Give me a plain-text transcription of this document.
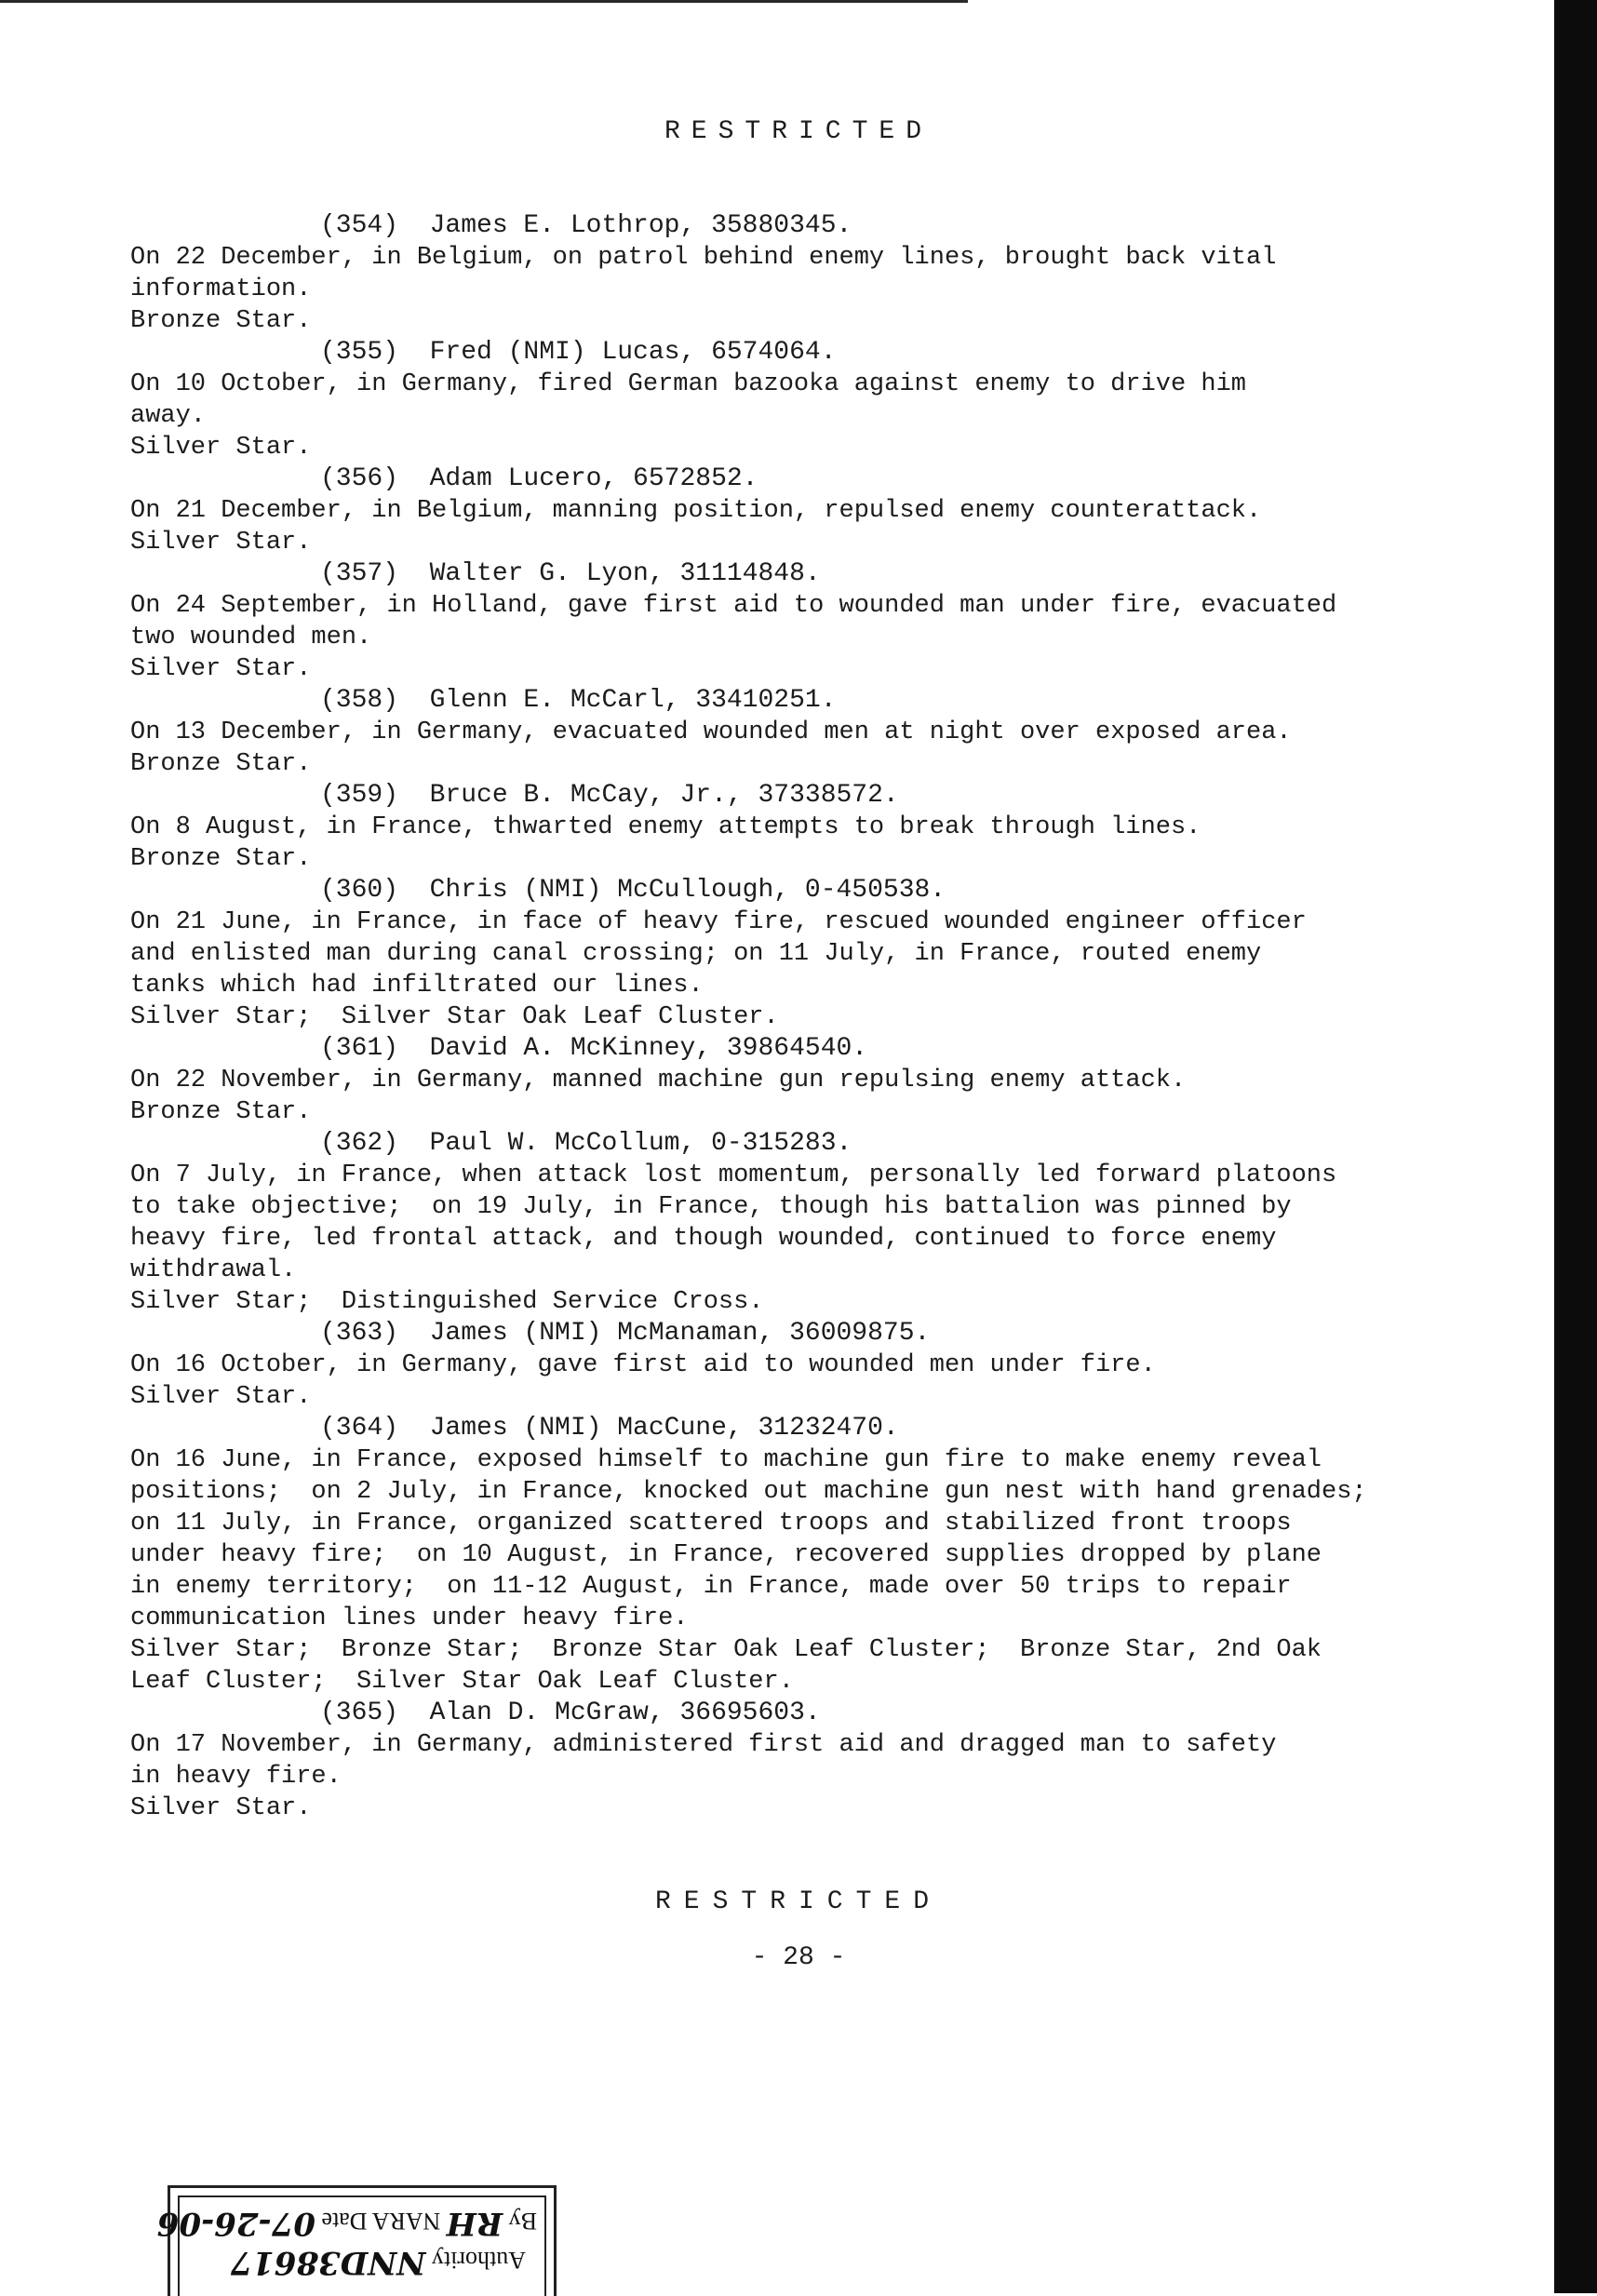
RESTRICTED
(354)  James E. Lothrop, 35880345.
On 22 December, in Belgium, on patrol behind enemy lines, brought back vital
information.
Bronze Star.
(355)  Fred (NMI) Lucas, 6574064.
On 10 October, in Germany, fired German bazooka against enemy to drive him
away.
Silver Star.
(356)  Adam Lucero, 6572852.
On 21 December, in Belgium, manning position, repulsed enemy counterattack.
Silver Star.
(357)  Walter G. Lyon, 31114848.
On 24 September, in Holland, gave first aid to wounded man under fire, evacuated
two wounded men.
Silver Star.
(358)  Glenn E. McCarl, 33410251.
On 13 December, in Germany, evacuated wounded men at night over exposed area.
Bronze Star.
(359)  Bruce B. McCay, Jr., 37338572.
On 8 August, in France, thwarted enemy attempts to break through lines.
Bronze Star.
(360)  Chris (NMI) McCullough, 0-450538.
On 21 June, in France, in face of heavy fire, rescued wounded engineer officer
and enlisted man during canal crossing; on 11 July, in France, routed enemy
tanks which had infiltrated our lines.
Silver Star;  Silver Star Oak Leaf Cluster.
(361)  David A. McKinney, 39864540.
On 22 November, in Germany, manned machine gun repulsing enemy attack.
Bronze Star.
(362)  Paul W. McCollum, 0-315283.
On 7 July, in France, when attack lost momentum, personally led forward platoons
to take objective;  on 19 July, in France, though his battalion was pinned by
heavy fire, led frontal attack, and though wounded, continued to force enemy
withdrawal.
Silver Star;  Distinguished Service Cross.
(363)  James (NMI) McManaman, 36009875.
On 16 October, in Germany, gave first aid to wounded men under fire.
Silver Star.
(364)  James (NMI) MacCune, 31232470.
On 16 June, in France, exposed himself to machine gun fire to make enemy reveal
positions;  on 2 July, in France, knocked out machine gun nest with hand grenades;
on 11 July, in France, organized scattered troops and stabilized front troops
under heavy fire;  on 10 August, in France, recovered supplies dropped by plane
in enemy territory;  on 11-12 August, in France, made over 50 trips to repair
communication lines under heavy fire.
Silver Star;  Bronze Star;  Bronze Star Oak Leaf Cluster;  Bronze Star, 2nd Oak
Leaf Cluster;  Silver Star Oak Leaf Cluster.
(365)  Alan D. McGraw, 36695603.
On 17 November, in Germany, administered first aid and dragged man to safety
in heavy fire.
Silver Star.
RESTRICTED
- 28 -
Authority NND38617
By RH NARA Date 07-26-06
